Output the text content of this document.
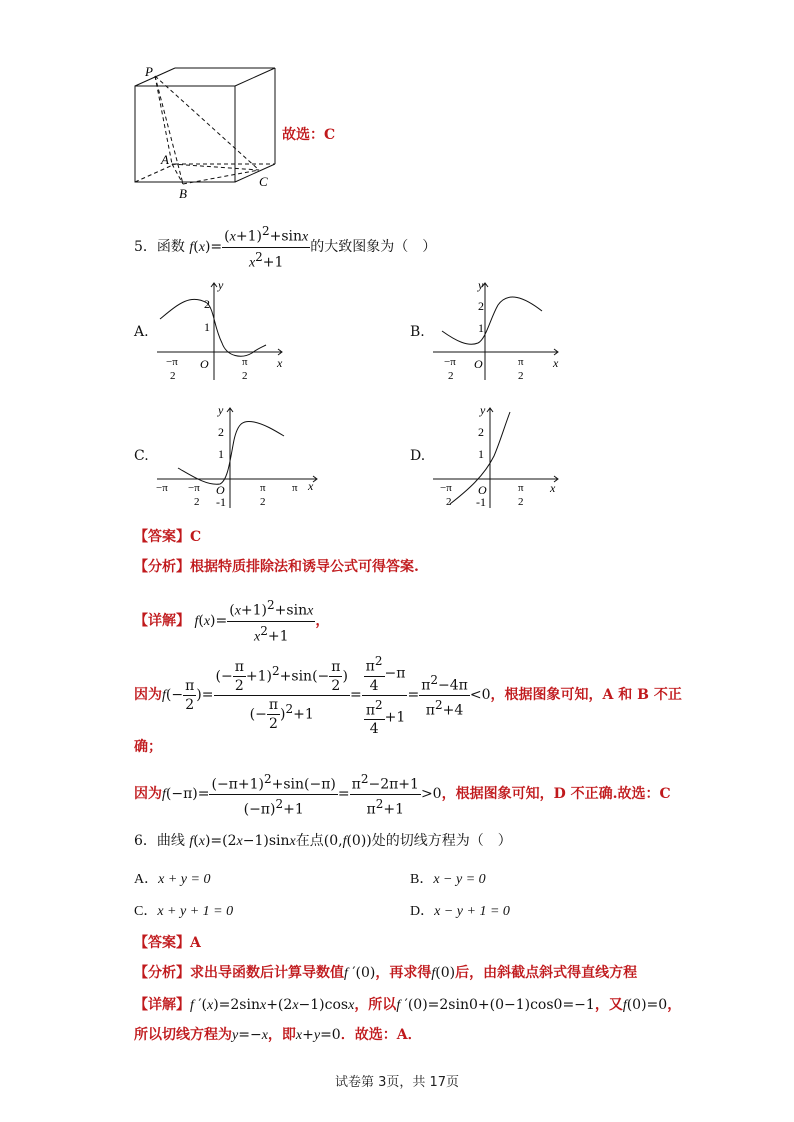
P
A
B
C
故选：C
5．函数 $f(x)= \frac{(x+1)^2+\sin x}{x^2+1}$ 的大致图象为（　）
A.
y
2
1
O	x
−π
2
π
2
B.
y
2
1
O	x
−π
2
π
2
C.
y
2
1
O
-1
x
−π −π
2
π
2
π
D.
y
2
1
O
-1
x
−π
2
π
2
【答案】C
【分析】根据特质排除法和诱导公式可得答案.
【详解】 $f(x)= \frac{(x+1)^2+\sin x}{x^2+1}$ ，
因为$f(- \frac{\pi}{2}$ )= $\frac{(- \frac{\pi}{2} +1)^2+\sin(- \frac{\pi}{2} )}{(- \frac{\pi}{2} )^2+1} = \frac{\frac{\pi^2}{4} -\pi}{\frac{\pi^2}{4} +1} = \frac{\pi^2-4\pi}{\pi^2+4} <0$，根据图象可知，A 和 B 不正
确；
因为$f(-\pi)= \frac{(-\pi+1)^2+\sin(-\pi)}{(-\pi)^2+1} = \frac{\pi^2-2\pi+1}{\pi^2+1} >0$，根据图象可知，D 不正确.故选：C
6．曲线 f(x)=(2x−1)sinx在点(0,f(0))处的切线方程为（　）
A．x + y = 0	B．x − y = 0
C．x + y + 1 = 0	D．x − y + 1 = 0
【答案】A
【分析】求出导函数后计算导数值f ′(0)，再求得f(0)后，由斜截点斜式得直线方程
【详解】f ′(x)=2sinx+(2x−1)cosx，所以f ′(0)=2sin0+(0−1)cos0=−1，又f(0)=0，
所以切线方程为y=−x，即x+y=0．故选：A．
试卷第 3页，共 17页
